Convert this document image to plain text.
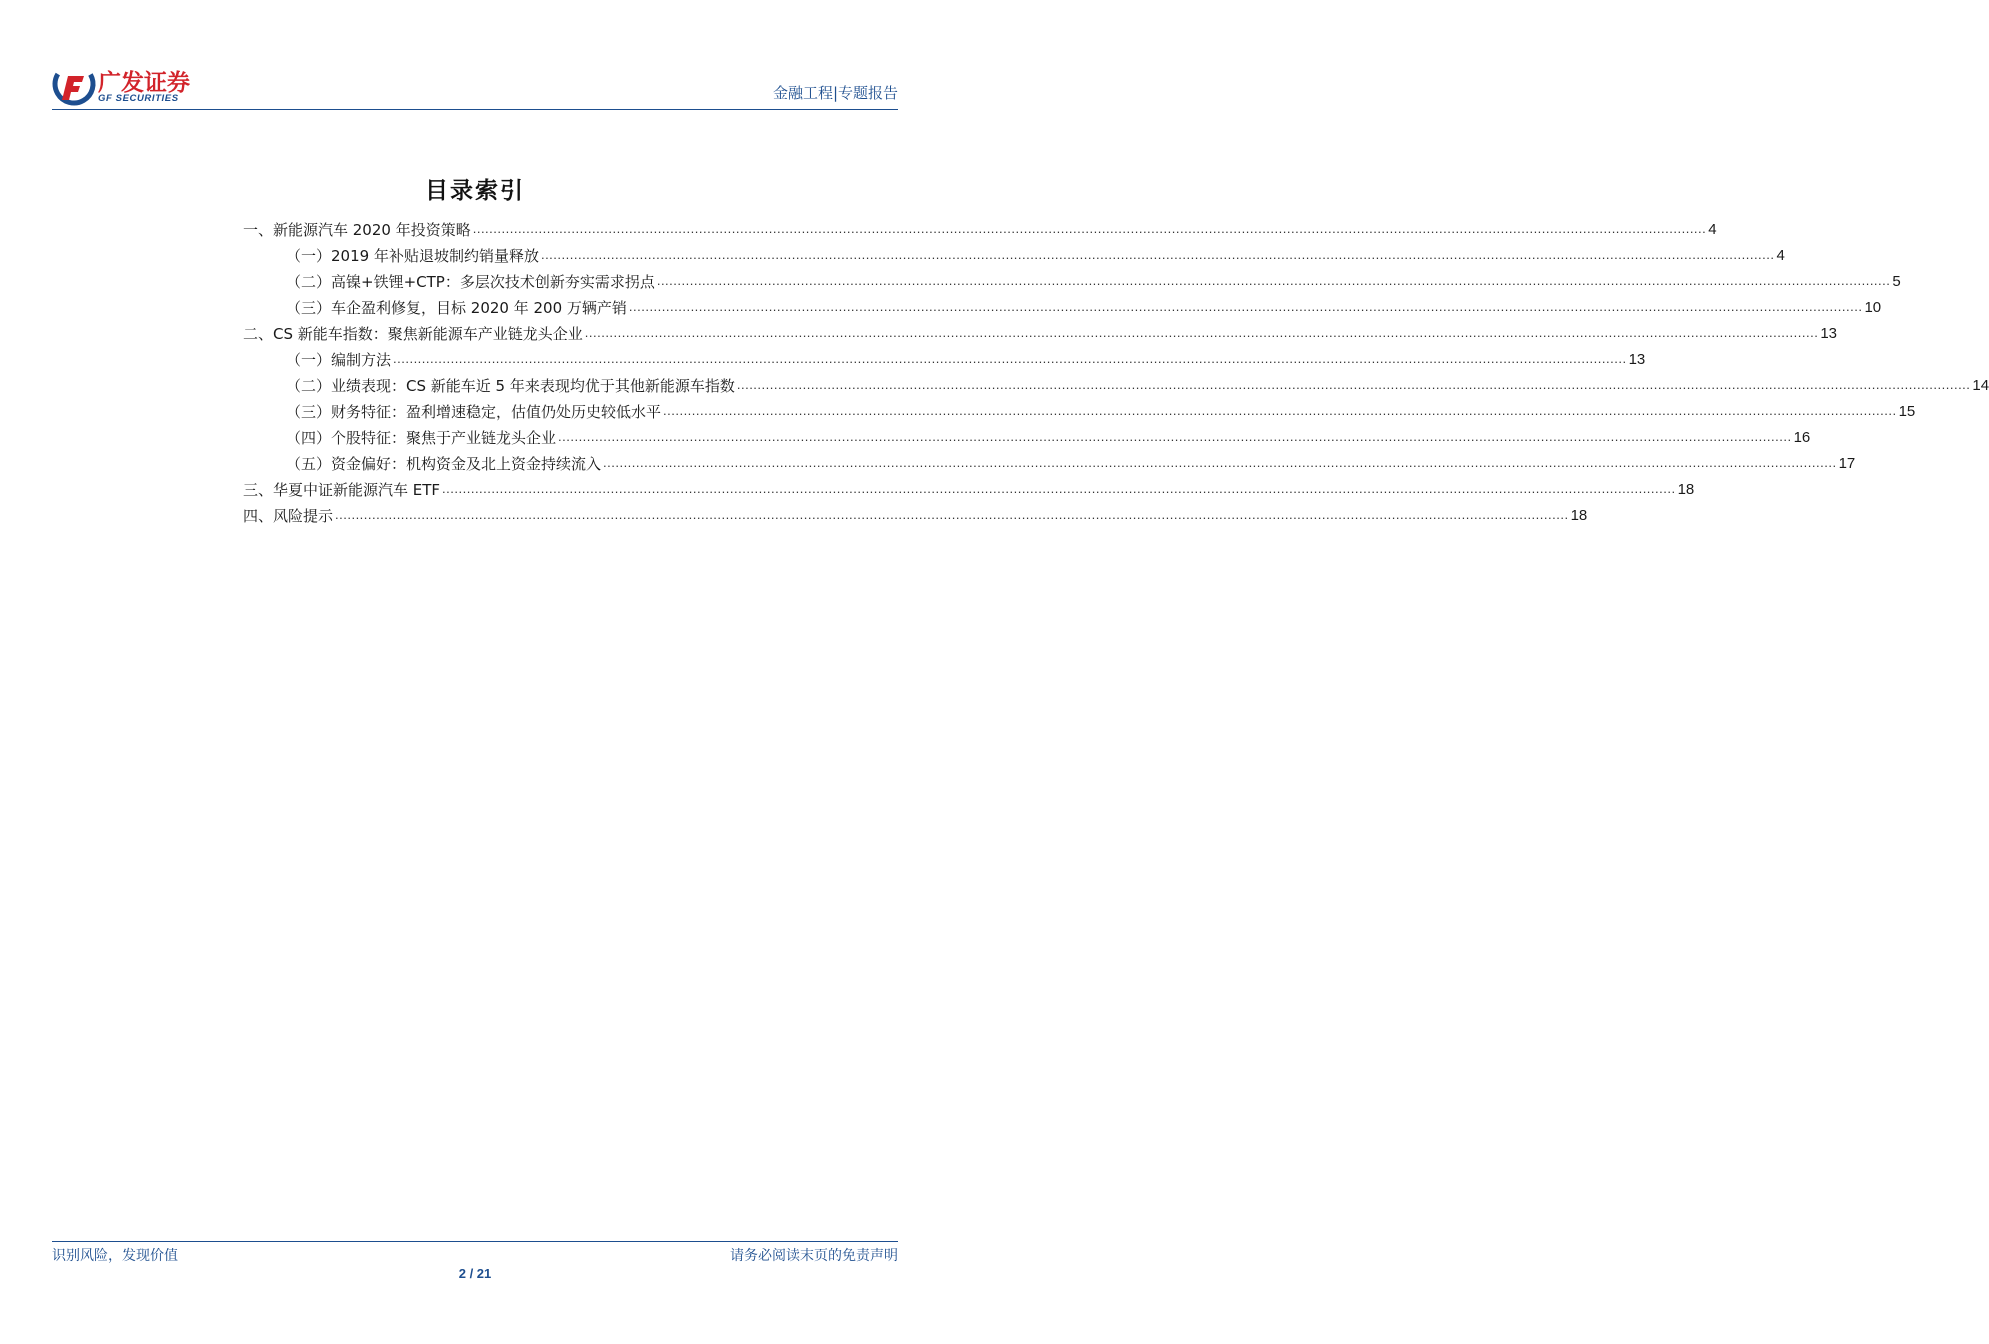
广发证券
GF SECURITIES	金融工程|专题报告
目录索引
一、新能源汽车 2020 年投资策略 ............................................................................................................................................................................................................................................................................................................ 4
（一）2019 年补贴退坡制约销量释放 ............................................................................................................................................................................................................................................................................................................ 4
（二）高镍+铁锂+CTP：多层次技术创新夯实需求拐点 ............................................................................................................................................................................................................................................................................................................ 5
（三）车企盈利修复，目标 2020 年 200 万辆产销 ............................................................................................................................................................................................................................................................................................................ 10
二、CS 新能车指数：聚焦新能源车产业链龙头企业 ............................................................................................................................................................................................................................................................................................................ 13
（一）编制方法 ............................................................................................................................................................................................................................................................................................................ 13
（二）业绩表现：CS 新能车近 5 年来表现均优于其他新能源车指数 ............................................................................................................................................................................................................................................................................................................ 14
（三）财务特征：盈利增速稳定，估值仍处历史较低水平 ............................................................................................................................................................................................................................................................................................................ 15
（四）个股特征：聚焦于产业链龙头企业 ............................................................................................................................................................................................................................................................................................................ 16
（五）资金偏好：机构资金及北上资金持续流入 ............................................................................................................................................................................................................................................................................................................ 17
三、华夏中证新能源汽车 ETF ............................................................................................................................................................................................................................................................................................................ 18
四、风险提示 ............................................................................................................................................................................................................................................................................................................ 18
识别风险，发现价值	请务必阅读末页的免责声明
2 / 21
